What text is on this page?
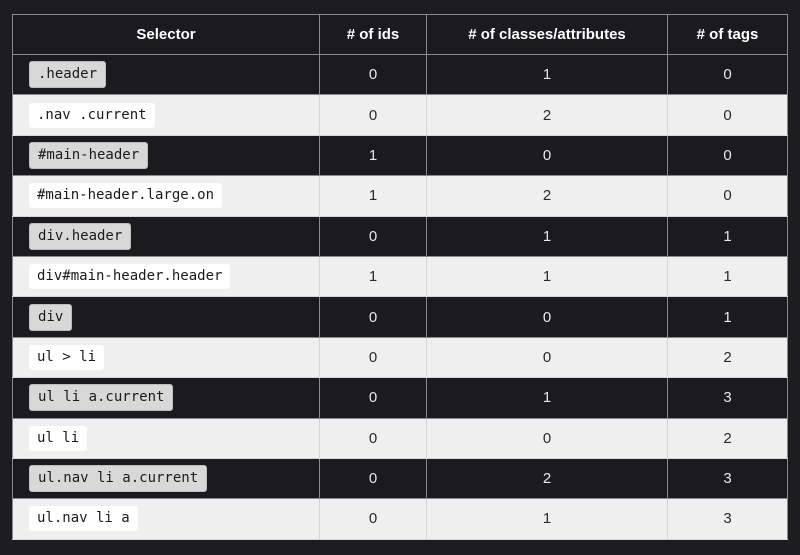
Selector	# of ids	# of classes/attributes	# of tags
.header	0	1	0
.nav .current	0	2	0
#main-header	1	0	0
#main-header.large.on	1	2	0
div.header	0	1	1
div#main-header.header	1	1	1
div	0	0	1
ul > li	0	0	2
ul li a.current	0	1	3
ul li	0	0	2
ul.nav li a.current	0	2	3
ul.nav li a	0	1	3
